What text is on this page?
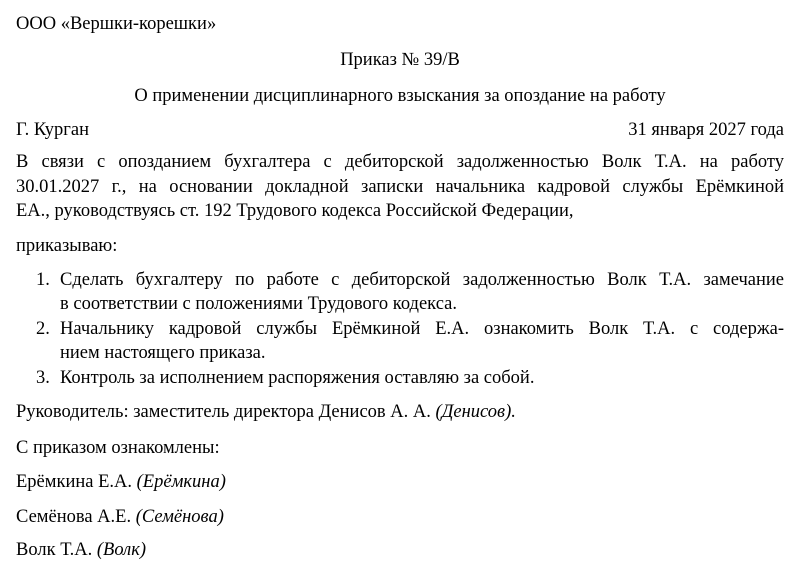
ООО «Вершки-корешки»
Приказ № 39/В
О применении дисциплинарного взыскания за опоздание на работу
Г. Курган	31 января 2027 года
В связи с опозданием бухгалтера с дебиторской задолженностью Волк Т.А. на работу
30.01.2027 г., на основании докладной записки начальника кадровой службы Ерёмкиной
ЕА., руководствуясь ст. 192 Трудового кодекса Российской Федерации,
приказываю:
1. Сделать бухгалтеру по работе с дебиторской задолженностью Волк Т.А. замечание
в соответствии с положениями Трудового кодекса.
2. Начальнику кадровой службы Ерёмкиной Е.А. ознакомить Волк Т.А. с содержа-
нием настоящего приказа.
3. Контроль за исполнением распоряжения оставляю за собой.
Руководитель: заместитель директора Денисов А. А. (Денисов).
С приказом ознакомлены:
Ерёмкина Е.А. (Ерёмкина)
Семёнова А.Е. (Семёнова)
Волк Т.А. (Волк)
